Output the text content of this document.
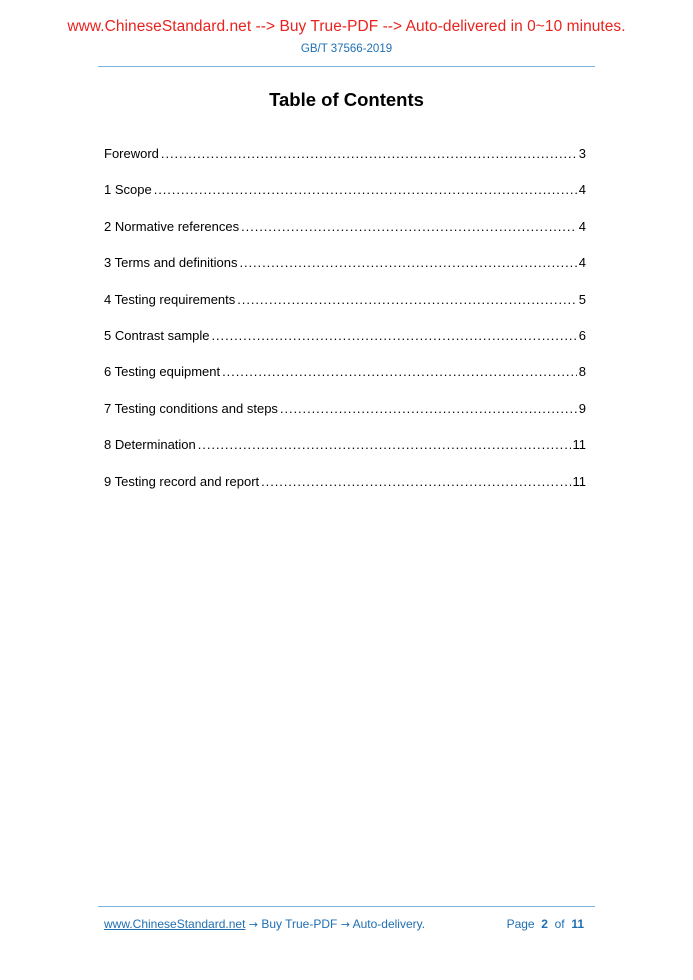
www.ChineseStandard.net --> Buy True-PDF --> Auto-delivered in 0~10 minutes.
GB/T 37566-2019
Table of Contents
Foreword . . .	3
1 Scope . . .	4
2 Normative references . . .	4
3 Terms and definitions . . .	4
4 Testing requirements . . .	5
5 Contrast sample . . .	6
6 Testing equipment . . .	8
7 Testing conditions and steps . . .	9
8 Determination . . .	11
9 Testing record and report . . .	11
www.ChineseStandard.net → Buy True-PDF → Auto-delivery.	Page 2 of 11
